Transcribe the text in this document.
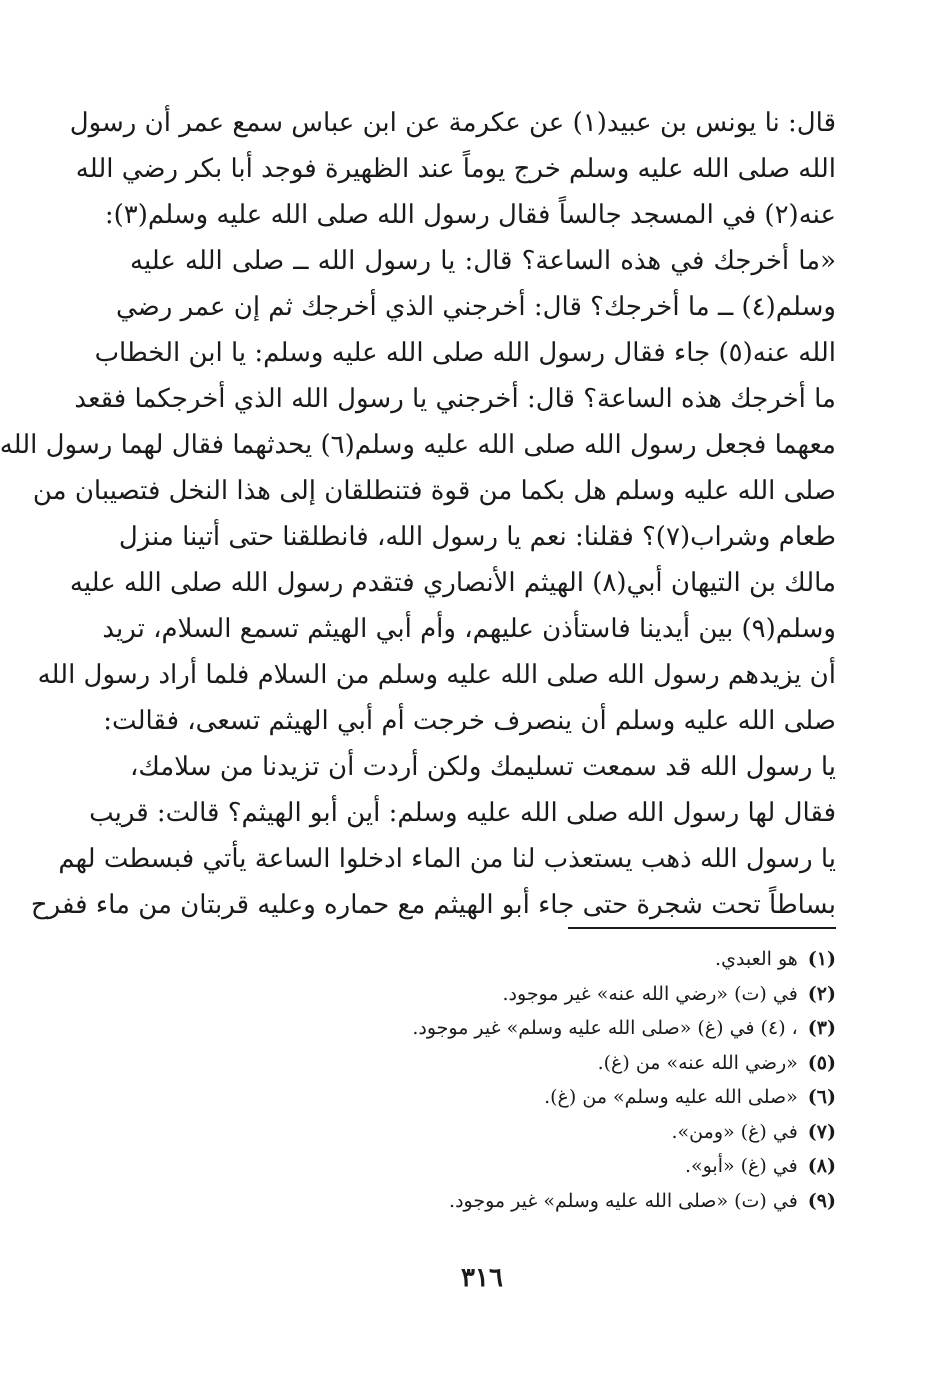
قال: نا يونس بن عبيد(١) عن عكرمة عن ابن عباس سمع عمر أن رسول
الله صلى الله عليه وسلم خرج يوماً عند الظهيرة فوجد أبا بكر رضي الله
عنه(٢) في المسجد جالساً فقال رسول الله صلى الله عليه وسلم(٣):
«ما أخرجك في هذه الساعة؟ قال: يا رسول الله ــ صلى الله عليه
وسلم(٤) ــ ما أخرجك؟ قال: أخرجني الذي أخرجك ثم إن عمر رضي
الله عنه(٥) جاء فقال رسول الله صلى الله عليه وسلم: يا ابن الخطاب
ما أخرجك هذه الساعة؟ قال: أخرجني يا رسول الله الذي أخرجكما فقعد
معهما فجعل رسول الله صلى الله عليه وسلم(٦) يحدثهما فقال لهما رسول الله
صلى الله عليه وسلم هل بكما من قوة فتنطلقان إلى هذا النخل فتصيبان من
طعام وشراب(٧)؟ فقلنا: نعم يا رسول الله، فانطلقنا حتى أتينا منزل
مالك بن التيهان أبي(٨) الهيثم الأنصاري فتقدم رسول الله صلى الله عليه
وسلم(٩) بين أيدينا فاستأذن عليهم، وأم أبي الهيثم تسمع السلام، تريد
أن يزيدهم رسول الله صلى الله عليه وسلم من السلام فلما أراد رسول الله
صلى الله عليه وسلم أن ينصرف خرجت أم أبي الهيثم تسعى، فقالت:
يا رسول الله قد سمعت تسليمك ولكن أردت أن تزيدنا من سلامك،
فقال لها رسول الله صلى الله عليه وسلم: أين أبو الهيثم؟ قالت: قريب
يا رسول الله ذهب يستعذب لنا من الماء ادخلوا الساعة يأتي فبسطت لهم
بساطاً تحت شجرة حتى جاء أبو الهيثم مع حماره وعليه قربتان من ماء ففرح
(١)هو العبدي.
(٢)في (ت) «رضي الله عنه» غير موجود.
(٣)، (٤) في (غ) «صلى الله عليه وسلم» غير موجود.
(٥)«رضي الله عنه» من (غ).
(٦)«صلى الله عليه وسلم» من (غ).
(٧)في (غ) «ومن».
(٨)في (غ) «أبو».
(٩)في (ت) «صلى الله عليه وسلم» غير موجود.
٣١٦
